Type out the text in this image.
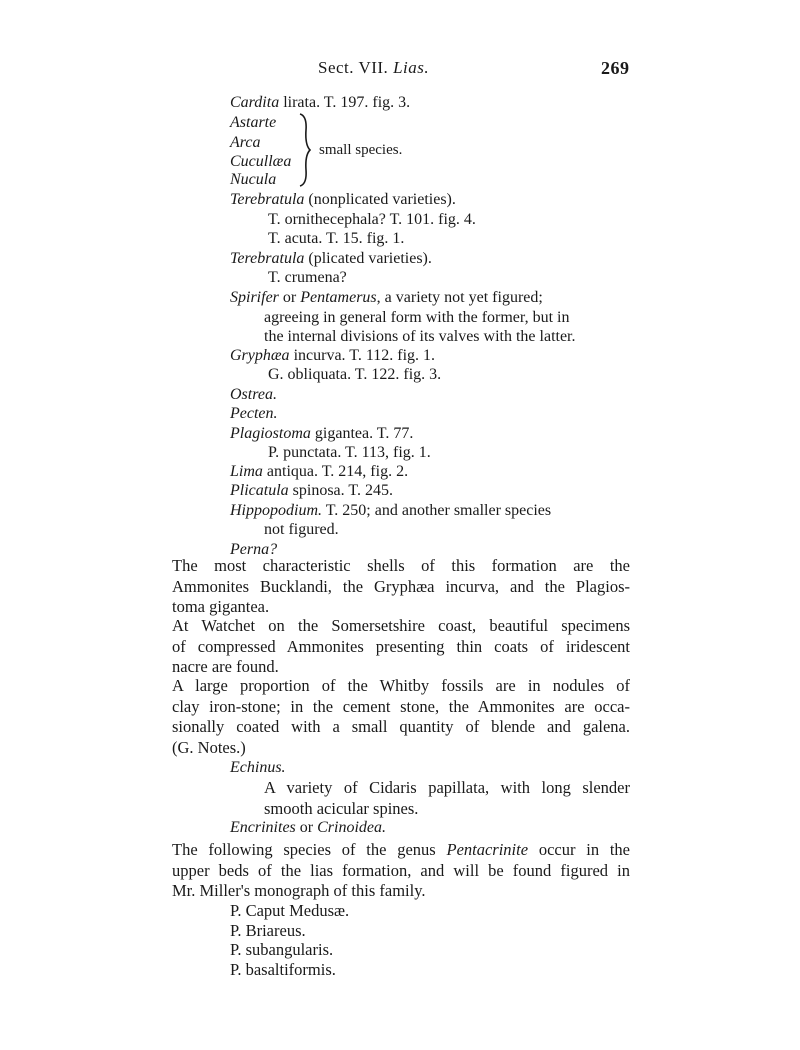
Sect. VII. Lias.	269
Cardita lirata. T. 197. fig. 3.
Astarte
Arca
Cucullæa
Nucula
small species.
Terebratula (nonplicated varieties).
T. ornithecephala? T. 101. fig. 4.
T. acuta. T. 15. fig. 1.
Terebratula (plicated varieties).
T. crumena?
Spirifer or Pentamerus, a variety not yet figured;
agreeing in general form with the former, but in
the internal divisions of its valves with the latter.
Gryphæa incurva. T. 112. fig. 1.
G. obliquata. T. 122. fig. 3.
Ostrea.
Pecten.
Plagiostoma gigantea. T. 77.
P. punctata. T. 113, fig. 1.
Lima antiqua. T. 214, fig. 2.
Plicatula spinosa. T. 245.
Hippopodium. T. 250; and another smaller species
not figured.
Perna?
The most characteristic shells of this formation are the
Ammonites Bucklandi, the Gryphæa incurva, and the Plagios-
toma gigantea.
At Watchet on the Somersetshire coast, beautiful specimens
of compressed Ammonites presenting thin coats of iridescent
nacre are found.
A large proportion of the Whitby fossils are in nodules of
clay iron-stone; in the cement stone, the Ammonites are occa-
sionally coated with a small quantity of blende and galena.
(G. Notes.)
Echinus.
A variety of Cidaris papillata, with long slender
smooth acicular spines.
Encrinites or Crinoidea.
The following species of the genus Pentacrinite occur in the
upper beds of the lias formation, and will be found figured in
Mr. Miller's monograph of this family.
P. Caput Medusæ.
P. Briareus.
P. subangularis.
P. basaltiformis.
